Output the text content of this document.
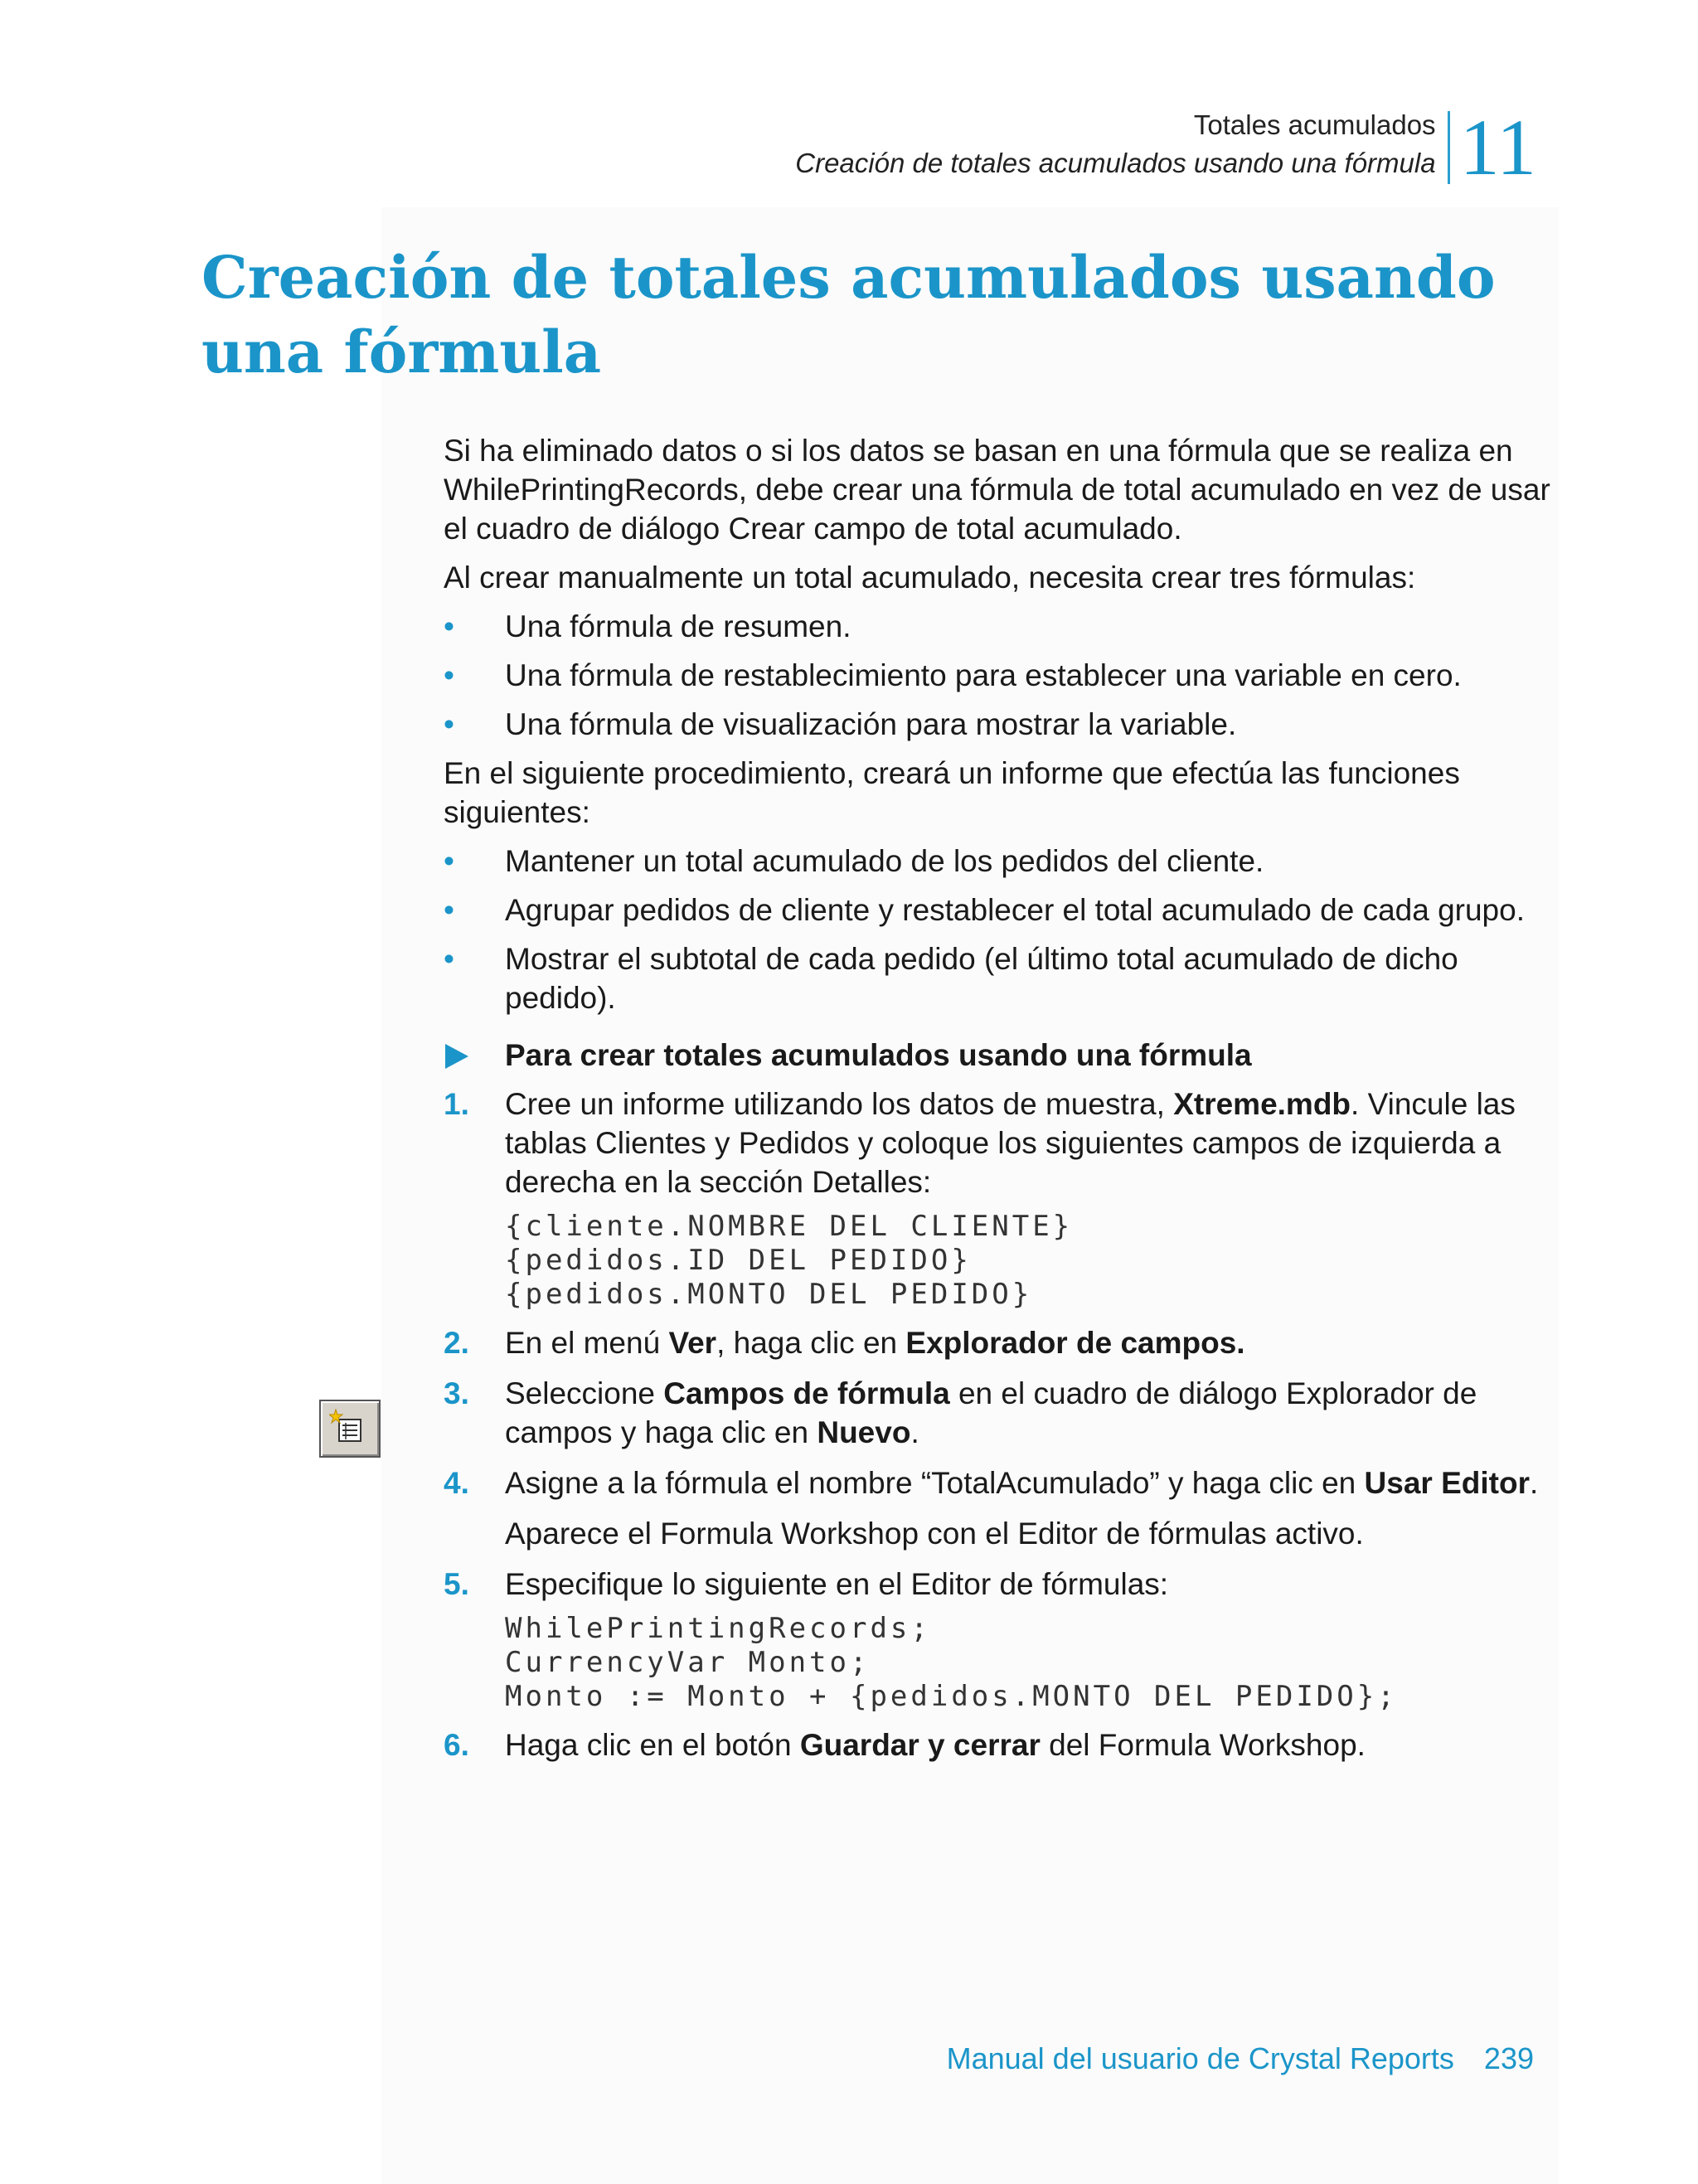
Totales acumulados
Creación de totales acumulados usando una fórmula 11
Creación de totales acumulados usando una fórmula

Si ha eliminado datos o si los datos se basan en una fórmula que se realiza en WhilePrintingRecords, debe crear una fórmula de total acumulado en vez de usar el cuadro de diálogo Crear campo de total acumulado.

Al crear manualmente un total acumulado, necesita crear tres fórmulas:

• Una fórmula de resumen.
• Una fórmula de restablecimiento para establecer una variable en cero.
• Una fórmula de visualización para mostrar la variable.

En el siguiente procedimiento, creará un informe que efectúa las funciones siguientes:

• Mantener un total acumulado de los pedidos del cliente.
• Agrupar pedidos de cliente y restablecer el total acumulado de cada grupo.
• Mostrar el subtotal de cada pedido (el último total acumulado de dicho pedido).
Para crear totales acumulados usando una fórmula
1. Cree un informe utilizando los datos de muestra, Xtreme.mdb. Vincule las tablas Clientes y Pedidos y coloque los siguientes campos de izquierda a derecha en la sección Detalles:
{cliente.NOMBRE DEL CLIENTE}
{pedidos.ID DEL PEDIDO}
{pedidos.MONTO DEL PEDIDO}
2. En el menú Ver, haga clic en Explorador de campos.
3. Seleccione Campos de fórmula en el cuadro de diálogo Explorador de campos y haga clic en Nuevo.
4. Asigne a la fórmula el nombre “TotalAcumulado” y haga clic en Usar Editor.
Aparece el Formula Workshop con el Editor de fórmulas activo.
5. Especifique lo siguiente en el Editor de fórmulas:
WhilePrintingRecords;
CurrencyVar Monto;
Monto := Monto + {pedidos.MONTO DEL PEDIDO};
6. Haga clic en el botón Guardar y cerrar del Formula Workshop.
Manual del usuario de Crystal Reports 239
